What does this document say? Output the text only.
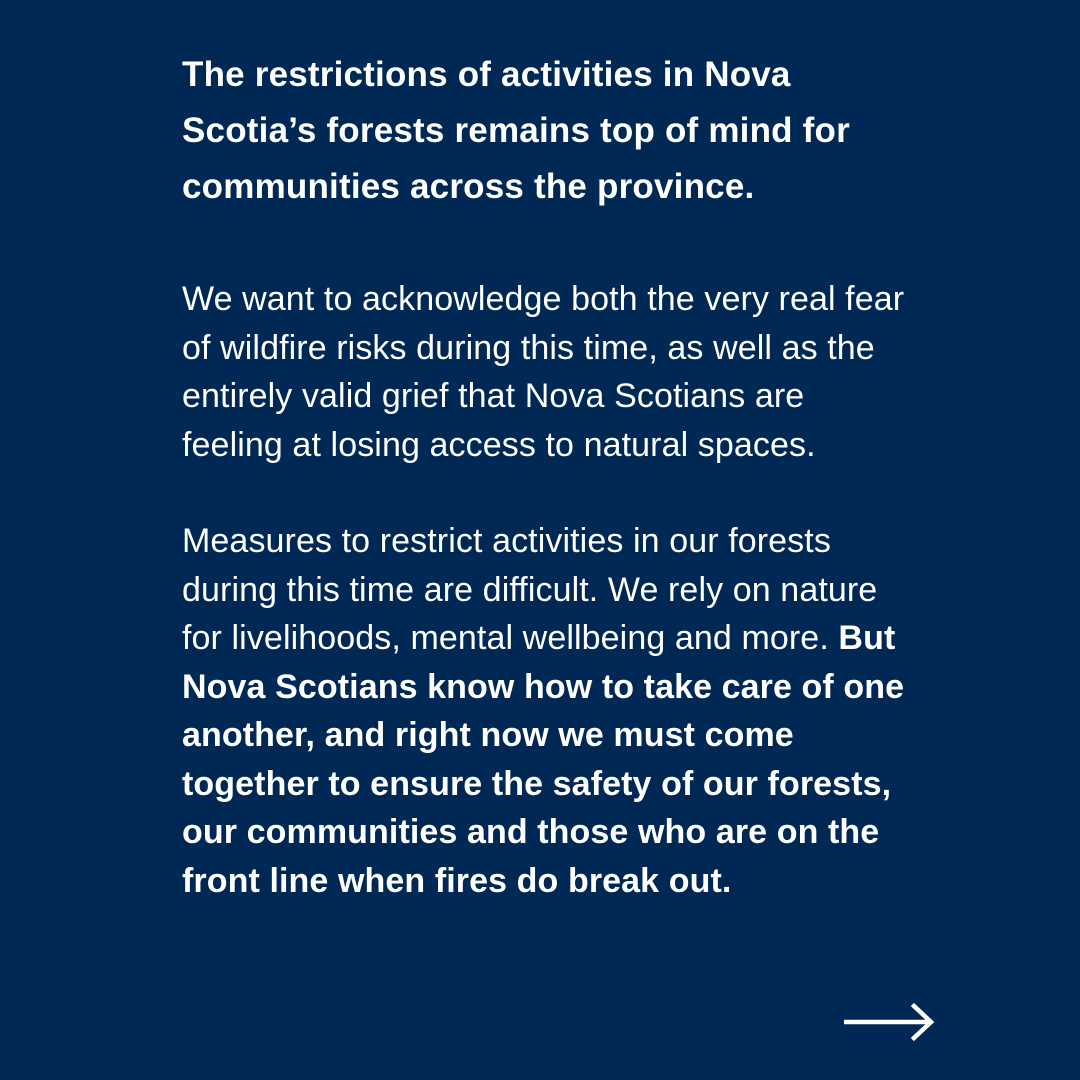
The restrictions of activities in Nova Scotia’s forests remains top of mind for communities across the province.

We want to acknowledge both the very real fear of wildfire risks during this time, as well as the entirely valid grief that Nova Scotians are feeling at losing access to natural spaces.

Measures to restrict activities in our forests during this time are difficult. We rely on nature for livelihoods, mental wellbeing and more. But Nova Scotians know how to take care of one another, and right now we must come together to ensure the safety of our forests, our communities and those who are on the front line when fires do break out.
